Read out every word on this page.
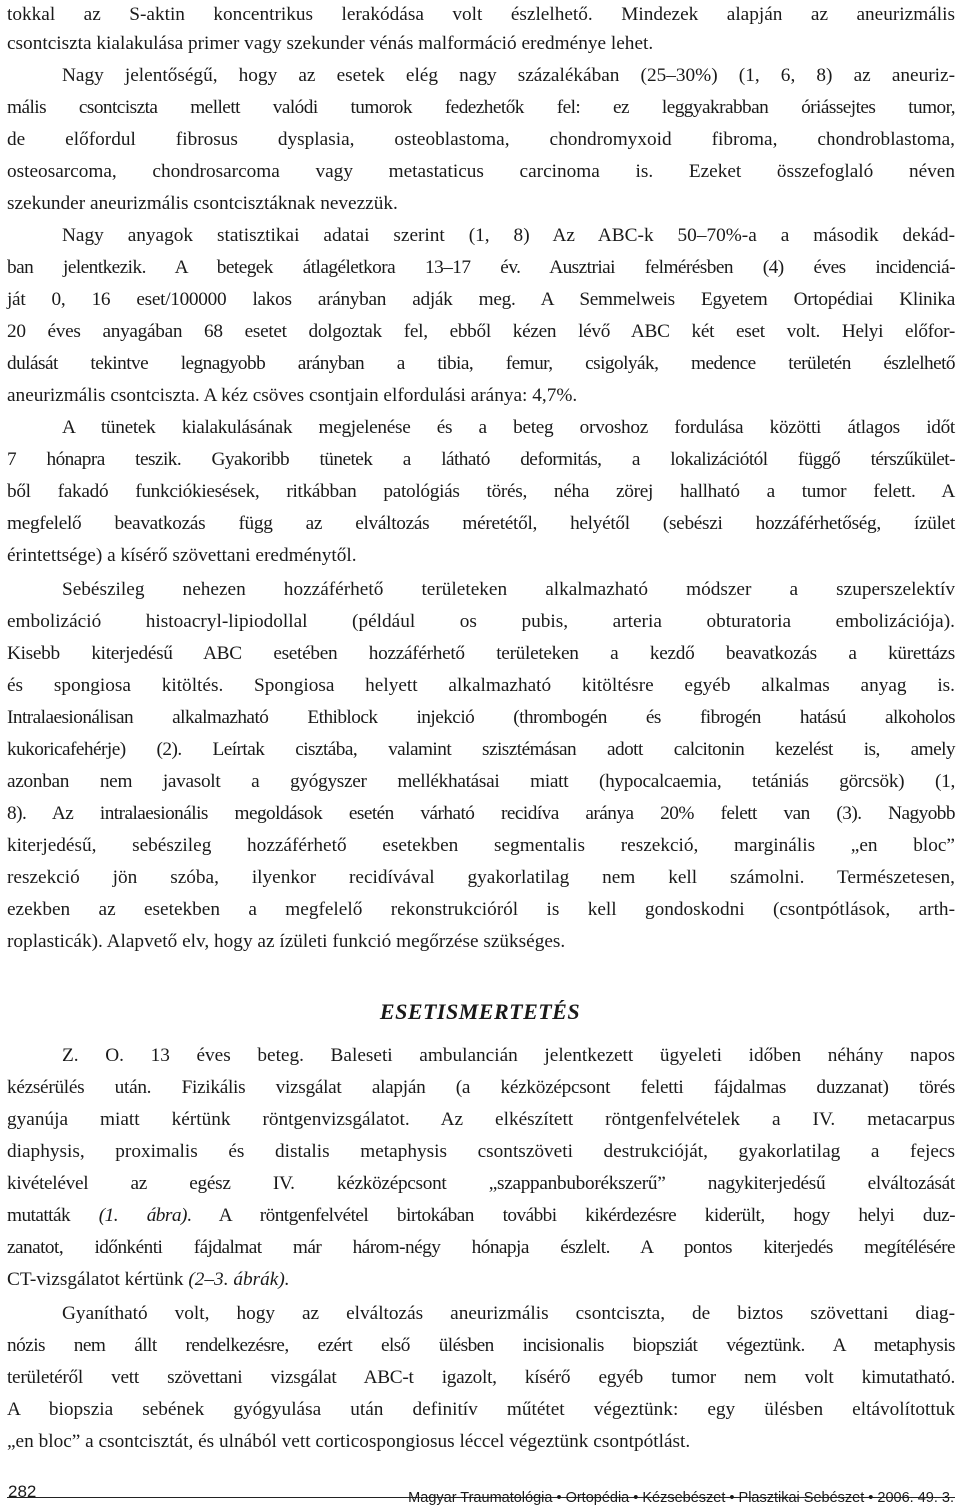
tokkal az S-aktin koncentrikus lerakódása volt észlelhető. Mindezek alapján az aneurizmális
csontciszta kialakulása primer vagy szekunder vénás malformáció eredménye lehet.
Nagy jelentőségű, hogy az esetek elég nagy százalékában (25–30%) (1, 6, 8) az aneuriz-
mális csontciszta mellett valódi tumorok fedezhetők fel: ez leggyakrabban óriássejtes tumor,
de előfordul fibrosus dysplasia, osteoblastoma, chondromyxoid fibroma, chondroblastoma,
osteosarcoma, chondrosarcoma vagy metastaticus carcinoma is. Ezeket összefoglaló néven
szekunder aneurizmális csontcisztáknak nevezzük.
Nagy anyagok statisztikai adatai szerint (1, 8) Az ABC-k 50–70%-a a második dekád-
ban jelentkezik. A betegek átlagéletkora 13–17 év. Ausztriai felmérésben (4) éves incidenciá-
ját 0, 16 eset/100000 lakos arányban adják meg. A Semmelweis Egyetem Ortopédiai Klinika
20 éves anyagában 68 esetet dolgoztak fel, ebből kézen lévő ABC két eset volt. Helyi előfor-
dulását tekintve legnagyobb arányban a tibia, femur, csigolyák, medence területén észlelhető
aneurizmális csontciszta. A kéz csöves csontjain elfordulási aránya: 4,7%.
A tünetek kialakulásának megjelenése és a beteg orvoshoz fordulása közötti átlagos időt
7 hónapra teszik. Gyakoribb tünetek a látható deformitás, a lokalizációtól függő térszűkület-
ből fakadó funkciókiesések, ritkábban patológiás törés, néha zörej hallható a tumor felett. A
megfelelő beavatkozás függ az elváltozás méretétől, helyétől (sebészi hozzáférhetőség, ízület
érintettsége) a kísérő szövettani eredménytől.
Sebészileg nehezen hozzáférhető területeken alkalmazható módszer a szuperszelektív
embolizáció histoacryl-lipiodollal (például os pubis, arteria obturatoria embolizációja).
Kisebb kiterjedésű ABC esetében hozzáférhető területeken a kezdő beavatkozás a kürettázs
és spongiosa kitöltés. Spongiosa helyett alkalmazható kitöltésre egyéb alkalmas anyag is.
Intralaesionálisan alkalmazható Ethiblock injekció (thrombogén és fibrogén hatású alkoholos
kukoricafehérje) (2). Leírtak cisztába, valamint szisztémásan adott calcitonin kezelést is, amely
azonban nem javasolt a gyógyszer mellékhatásai miatt (hypocalcaemia, tetániás görcsök) (1,
8). Az intralaesionális megoldások esetén várható recidíva aránya 20% felett van (3). Nagyobb
kiterjedésű, sebészileg hozzáférhető esetekben segmentalis reszekció, marginális „en bloc”
reszekció jön szóba, ilyenkor recidívával gyakorlatilag nem kell számolni. Természetesen,
ezekben az esetekben a megfelelő rekonstrukcióról is kell gondoskodni (csontpótlások, arth-
roplasticák). Alapvető elv, hogy az ízületi funkció megőrzése szükséges.
ESETISMERTETÉS
Z. O. 13 éves beteg. Baleseti ambulancián jelentkezett ügyeleti időben néhány napos
kézsérülés után. Fizikális vizsgálat alapján (a kézközépcsont feletti fájdalmas duzzanat) törés
gyanúja miatt kértünk röntgenvizsgálatot. Az elkészített röntgenfelvételek a IV. metacarpus
diaphysis, proximalis és distalis metaphysis csontszöveti destrukcióját, gyakorlatilag a fejecs
kivételével az egész IV. kézközépcsont „szappanbuborékszerű” nagykiterjedésű elváltozását
mutatták (1. ábra). A röntgenfelvétel birtokában további kikérdezésre kiderült, hogy helyi duz-
zanatot, időnkénti fájdalmat már három-négy hónapja észlelt. A pontos kiterjedés megítélésére
CT-vizsgálatot kértünk (2–3. ábrák).
Gyanítható volt, hogy az elváltozás aneurizmális csontciszta, de biztos szövettani diag-
nózis nem állt rendelkezésre, ezért első ülésben incisionalis biopsziát végeztünk. A metaphysis
területéről vett szövettani vizsgálat ABC-t igazolt, kísérő egyéb tumor nem volt kimutatható.
A biopszia sebének gyógyulása után definitív műtétet végeztünk: egy ülésben eltávolítottuk
„en bloc” a csontcisztát, és ulnából vett corticospongiosus léccel végeztünk csontpótlást.
282	Magyar Traumatológia • Ortopédia • Kézsebészet • Plasztikai Sebészet • 2006. 49. 3.
